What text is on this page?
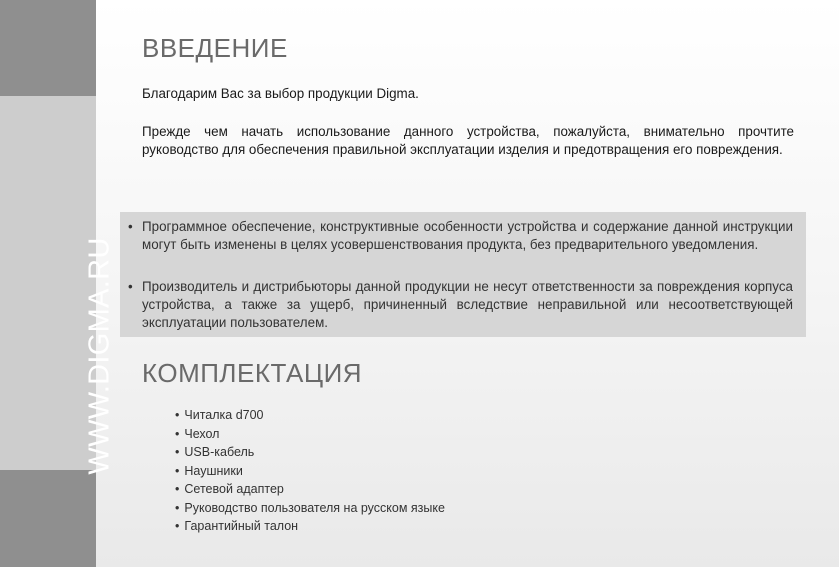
WWW.DIGMA.RU
ВВЕДЕНИЕ

Благодарим Вас за выбор продукции Digma.

Прежде чем начать использование данного устройства, пожалуйста, внимательно прочтите руководство для обеспечения правильной эксплуатации изделия и предотвращения его повреждения.

• Программное обеспечение, конструктивные особенности устройства и содержание данной инструкции могут быть изменены в целях усовершенствования продукта, без предварительного уведомления.

• Производитель и дистрибьюторы данной продукции не несут ответственности за повреждения корпуса устройства, а также за ущерб, причиненный вследствие неправильной или несоответствующей эксплуатации пользователем.

КОМПЛЕКТАЦИЯ
• Читалка d700
• Чехол
• USB-кабель
• Наушники
• Сетевой адаптер
• Руководство пользователя на русском языке
• Гарантийный талон
